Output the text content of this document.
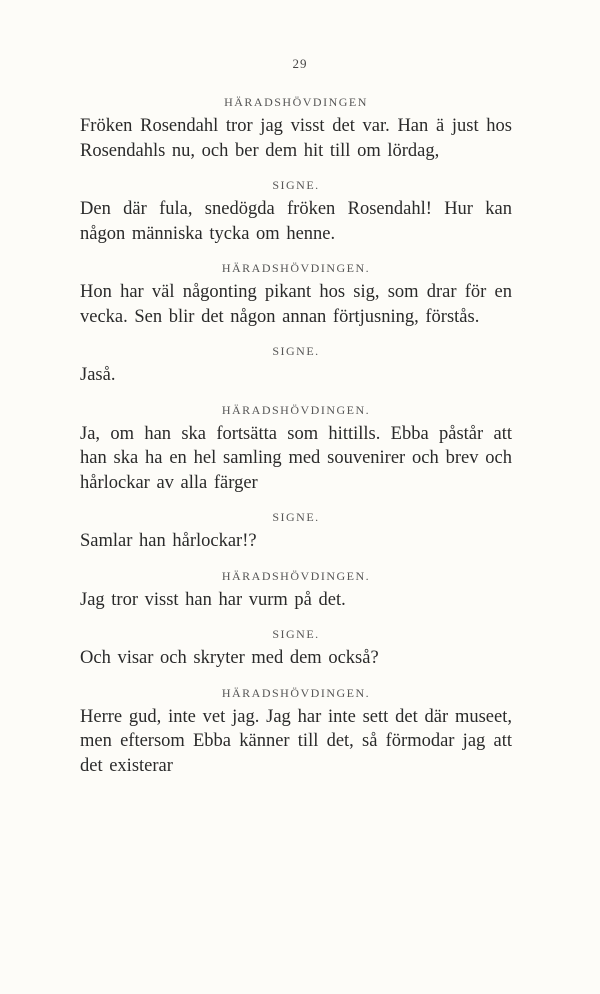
29

HÄRADSHÖVDINGEN

Fröken Rosendahl tror jag visst det var. Han ä just hos Rosendahls nu, och ber dem hit till om lördag,

SIGNE.

Den där fula, snedögda fröken Rosendahl! Hur kan någon människa tycka om henne.

HÄRADSHÖVDINGEN.

Hon har väl någonting pikant hos sig, som drar för en vecka. Sen blir det någon annan förtjusning, förstås.

SIGNE.

Jaså.

HÄRADSHÖVDINGEN.

Ja, om han ska fortsätta som hittills. Ebba påstår att han ska ha en hel samling med souvenirer och brev och hårlockar av alla färger

SIGNE.

Samlar han hårlockar!?

HÄRADSHÖVDINGEN.

Jag tror visst han har vurm på det.

SIGNE.

Och visar och skryter med dem också?

HÄRADSHÖVDINGEN.

Herre gud, inte vet jag. Jag har inte sett det där museet, men eftersom Ebba känner till det, så förmodar jag att det existerar
